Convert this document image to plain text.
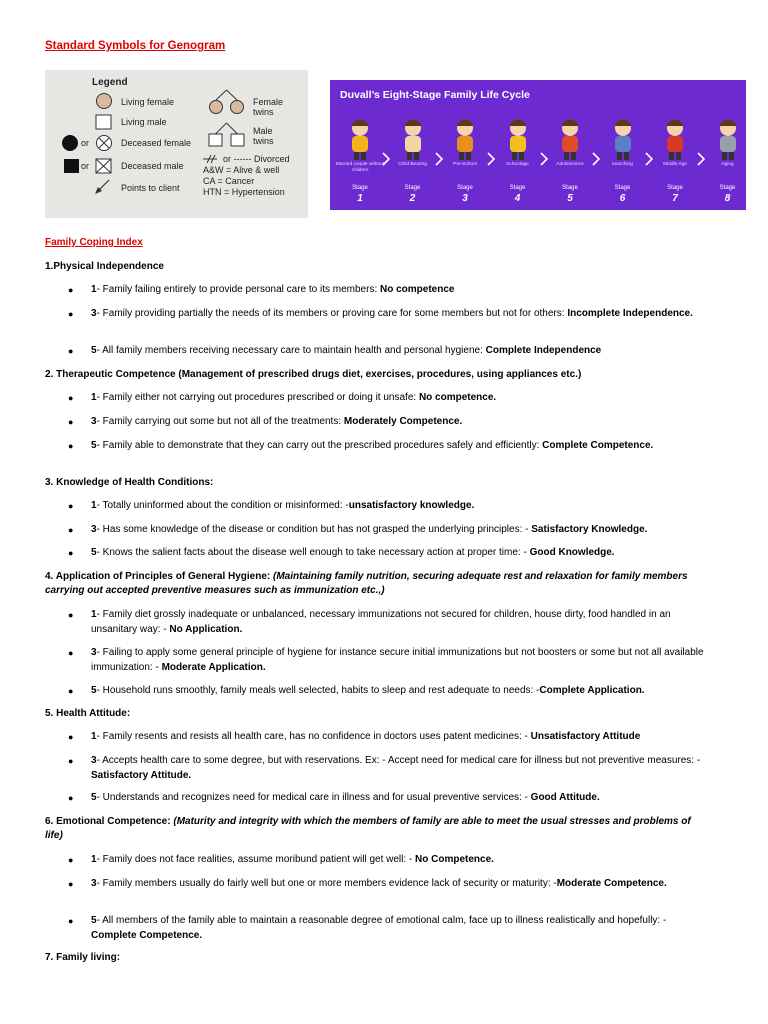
Standard Symbols for Genogram
Legend
Living female
Living male
or	Deceased female
or	Deceased male
Points to client
Female
twins
Male
twins
or ------ Divorced
A&W = Alive & well
CA = Cancer
HTN = Hypertension
Duvall’s Eight-Stage Family Life Cycle
Married couple without children
Stage
1
Child Bearing
Stage
2
Pre-School
Stage
3
Schoolage
Stage
4
Adolescence
Stage
5
launching
Stage
6
Middle Age
Stage
7
Aging
Stage
8
Family Coping Index
1.Physical Independence
● 1- Family failing entirely to provide personal care to its members: No competence
● 3- Family providing partially the needs of its members or proving care for some members but not for others: Incomplete Independence.
● 5- All family members receiving necessary care to maintain health and personal hygiene: Complete Independence
2. Therapeutic Competence (Management of prescribed drugs diet, exercises, procedures, using appliances etc.)
● 1- Family either not carrying out procedures prescribed or doing it unsafe: No competence.
● 3- Family carrying out some but not all of the treatments: Moderately Competence.
● 5- Family able to demonstrate that they can carry out the prescribed procedures safely and efficiently: Complete Competence.
3. Knowledge of Health Conditions:
● 1- Totally uninformed about the condition or misinformed: -unsatisfactory knowledge.
● 3- Has some knowledge of the disease or condition but has not grasped the underlying principles: - Satisfactory Knowledge.
● 5- Knows the salient facts about the disease well enough to take necessary action at proper time: - Good Knowledge.
4. Application of Principles of General Hygiene: (Maintaining family nutrition, securing adequate rest and relaxation for family members carrying out accepted preventive measures such as immunization etc.,)
● 1- Family diet grossly inadequate or unbalanced, necessary immunizations not secured for children, house dirty, food handled in an unsanitary way: - No Application.
● 3- Failing to apply some general principle of hygiene for instance secure initial immunizations but not boosters or some but not all available immunization: - Moderate Application.
● 5- Household runs smoothly, family meals well selected, habits to sleep and rest adequate to needs: -Complete Application.
5. Health Attitude:
● 1- Family resents and resists all health care, has no confidence in doctors uses patent medicines: - Unsatisfactory Attitude
● 3- Accepts health care to some degree, but with reservations. Ex: - Accept need for medical care for illness but not preventive measures: - Satisfactory Attitude.
● 5- Understands and recognizes need for medical care in illness and for usual preventive services: - Good Attitude.
6. Emotional Competence: (Maturity and integrity with which the members of family are able to meet the usual stresses and problems of life)
● 1- Family does not face realities, assume moribund patient will get well: - No Competence.
● 3- Family members usually do fairly well but one or more members evidence lack of security or maturity: -Moderate Competence.
● 5- All members of the family able to maintain a reasonable degree of emotional calm, face up to illness realistically and hopefully: -Complete Competence.
7. Family living:
